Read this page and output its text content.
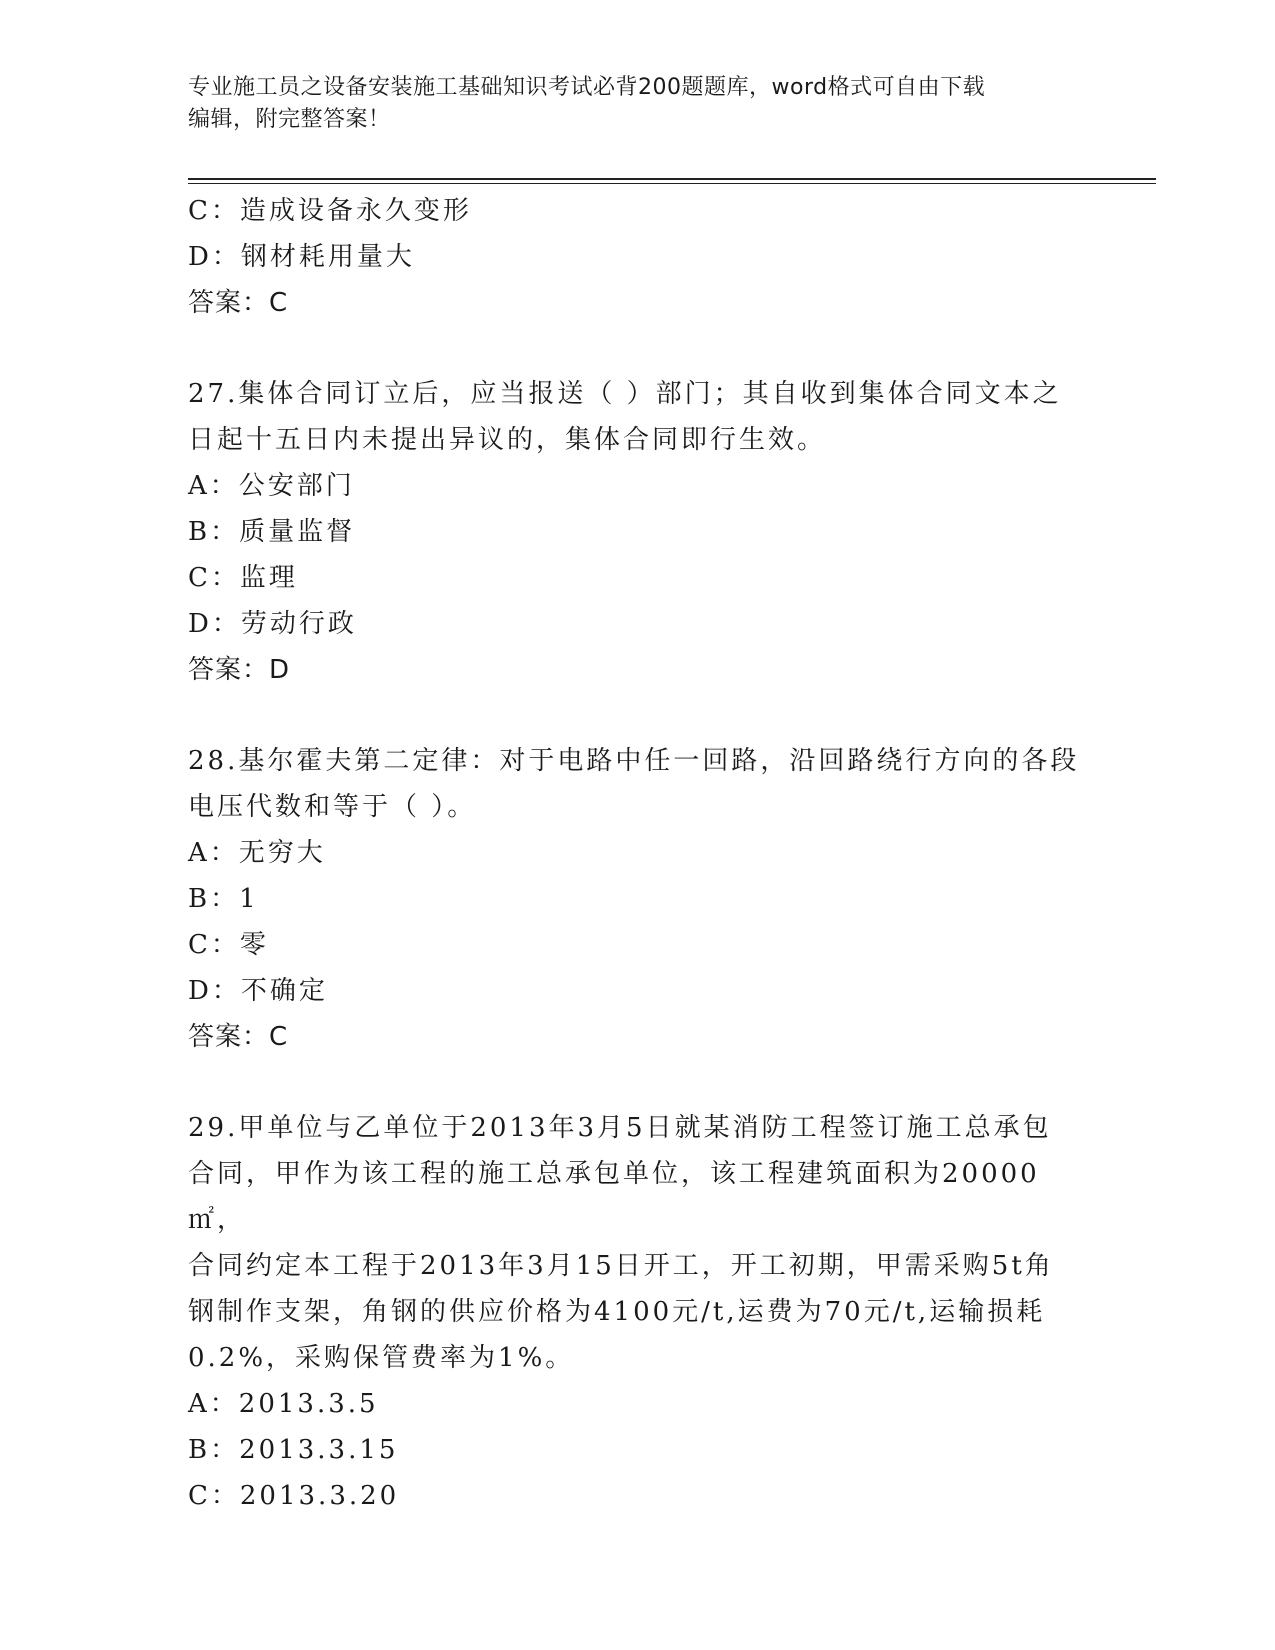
专业施工员之设备安装施工基础知识考试必背200题题库，word格式可自由下载
编辑，附完整答案！
C：造成设备永久变形
D：钢材耗用量大
答案：C
27.集体合同订立后，应当报送（ ）部门；其自收到集体合同文本之
日起十五日内未提出异议的，集体合同即行生效。
A：公安部门
B：质量监督
C：监理
D：劳动行政
答案：D
28.基尔霍夫第二定律：对于电路中任一回路，沿回路绕行方向的各段
电压代数和等于（ ）。
A：无穷大
B：1
C：零
D：不确定
答案：C
29.甲单位与乙单位于2013年3月5日就某消防工程签订施工总承包
合同，甲作为该工程的施工总承包单位，该工程建筑面积为20000㎡，
合同约定本工程于2013年3月15日开工，开工初期，甲需采购5t角
钢制作支架，角钢的供应价格为4100元/t,运费为70元/t,运输损耗
0.2%，采购保管费率为1%。
A：2013.3.5
B：2013.3.15
C：2013.3.20
